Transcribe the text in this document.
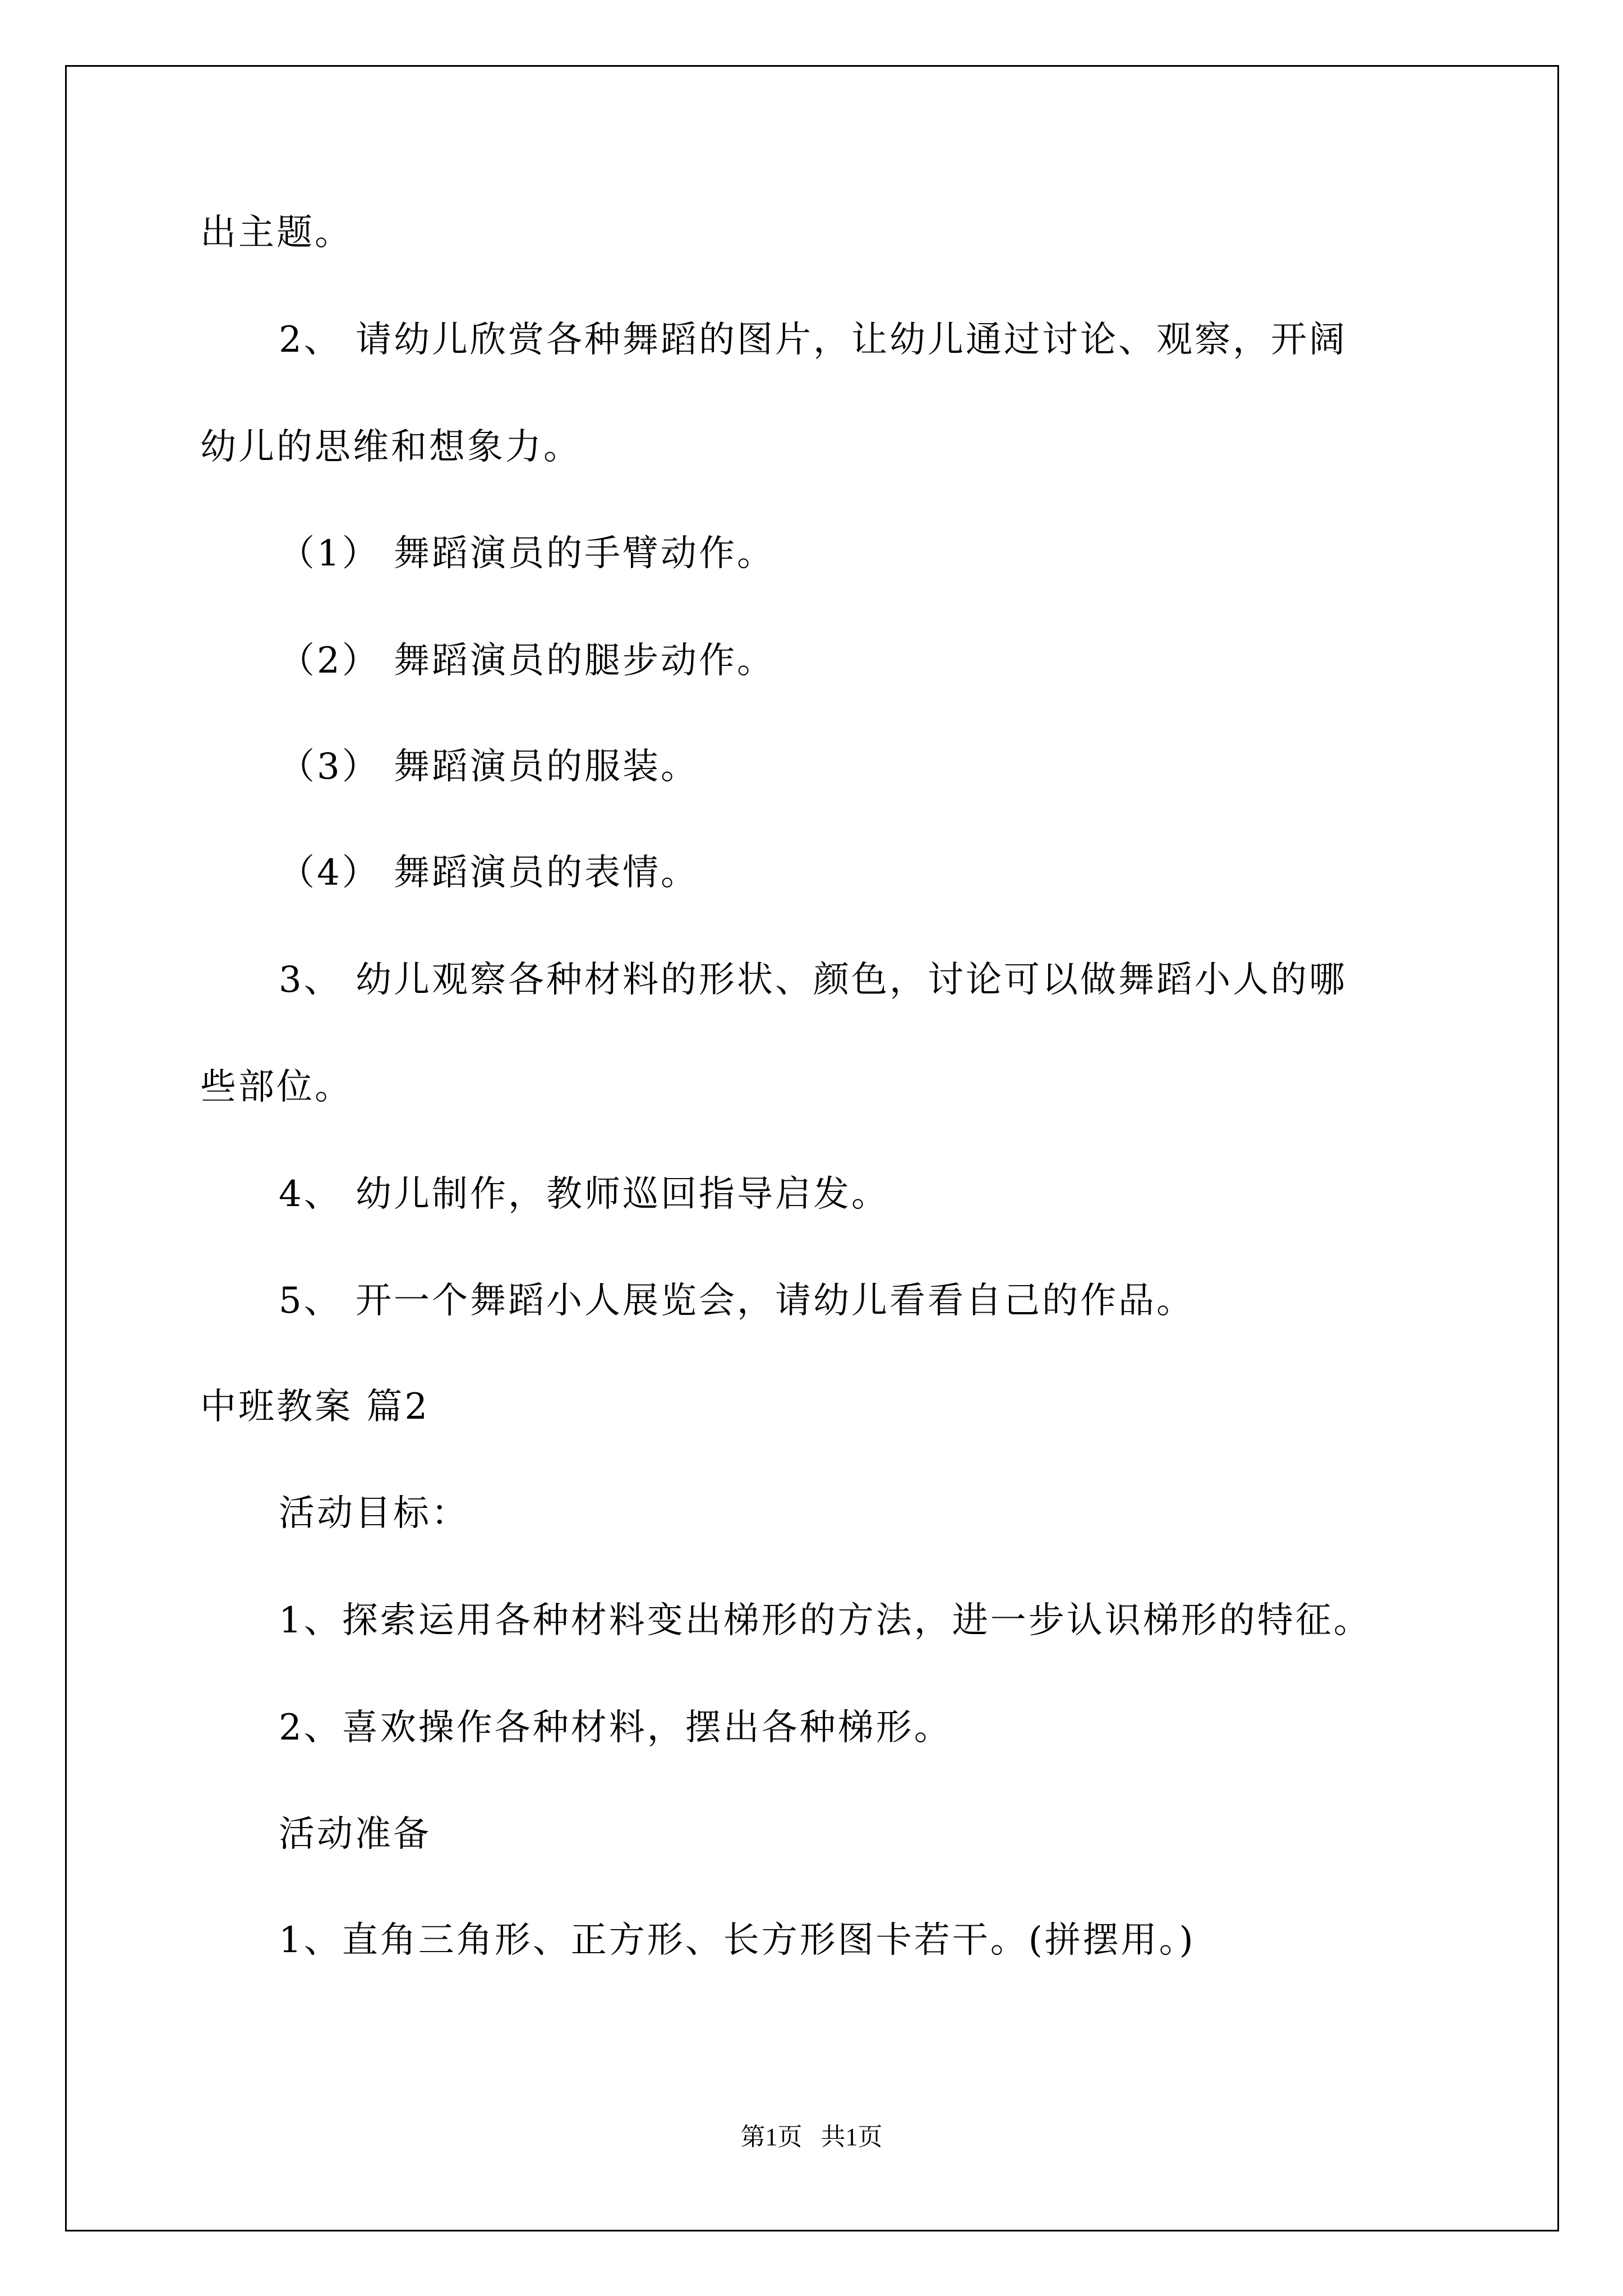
出主题。
2、 请幼儿欣赏各种舞蹈的图片，让幼儿通过讨论、观察，开阔
幼儿的思维和想象力。
（1） 舞蹈演员的手臂动作。
（2） 舞蹈演员的腿步动作。
（3） 舞蹈演员的服装。
（4） 舞蹈演员的表情。
3、 幼儿观察各种材料的形状、颜色，讨论可以做舞蹈小人的哪
些部位。
4、 幼儿制作，教师巡回指导启发。
5、 开一个舞蹈小人展览会，请幼儿看看自己的作品。
中班教案 篇2
活动目标：
1、探索运用各种材料变出梯形的方法，进一步认识梯形的特征。
2、喜欢操作各种材料，摆出各种梯形。
活动准备
1、直角三角形、正方形、长方形图卡若干。(拼摆用。)
第1页   共1页
